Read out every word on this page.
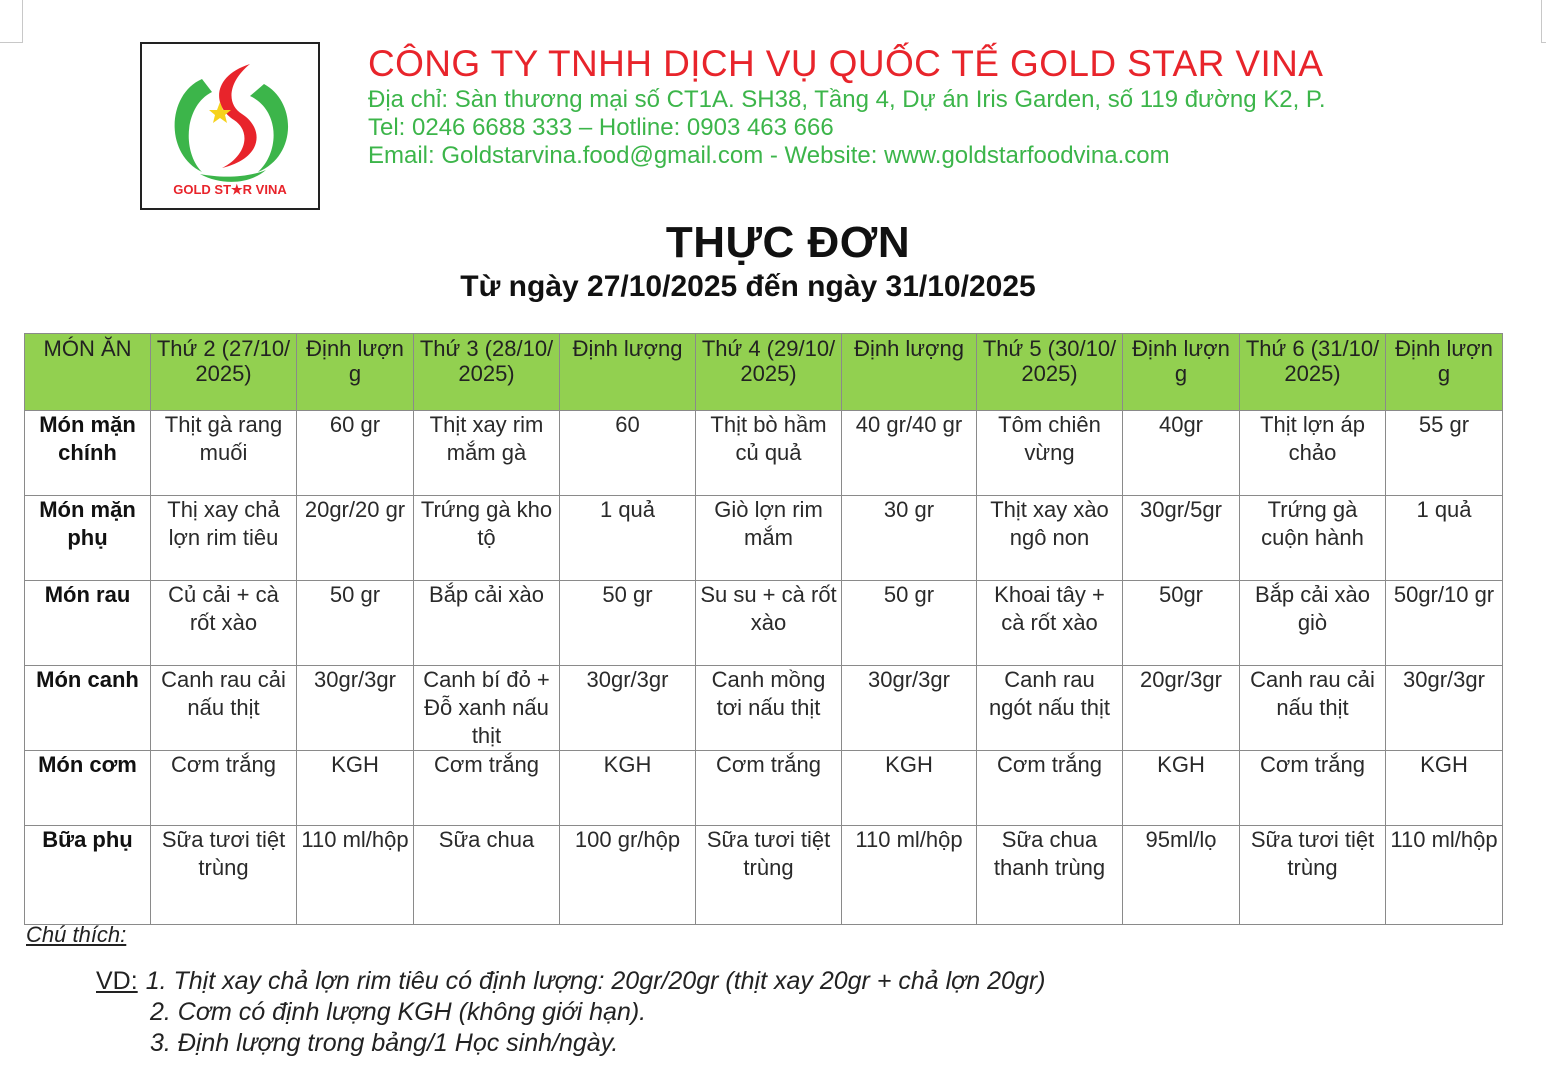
GOLD ST★R VINA
CÔNG TY TNHH DỊCH VỤ QUỐC TẾ GOLD STAR VINA
Địa chỉ: Sàn thương mại số CT1A. SH38, Tầng 4, Dự án Iris Garden, số 119 đường K2, P.
Tel: 0246 6688 333 – Hotline: 0903 463 666
Email: Goldstarvina.food@gmail.com - Website: www.goldstarfoodvina.com
THỰC ĐƠN
Từ ngày 27/10/2025 đến ngày 31/10/2025
MÓN ĂN	Thứ 2 (27/10/2025)	Định lượng	Thứ 3 (28/10/2025)	Định lượng	Thứ 4 (29/10/2025)	Định lượng	Thứ 5 (30/10/2025)	Định lượng	Thứ 6 (31/10/2025)	Định lượng
Món mặn chính	Thịt gà rang muối	60 gr	Thịt xay rim mắm gà	60	Thịt bò hầm củ quả	40 gr/40 gr	Tôm chiên vừng	40gr	Thịt lợn áp chảo	55 gr
Món mặn phụ	Thị xay chả lợn rim tiêu	20gr/20 gr	Trứng gà kho tộ	1 quả	Giò lợn rim mắm	30 gr	Thịt xay xào ngô non	30gr/5gr	Trứng gà cuộn hành	1 quả
Món rau	Củ cải + cà rốt xào	50 gr	Bắp cải xào	50 gr	Su su + cà rốt xào	50 gr	Khoai tây + cà rốt xào	50gr	Bắp cải xào giò	50gr/10 gr
Món canh	Canh rau cải nấu thịt	30gr/3gr	Canh bí đỏ + Đỗ xanh nấu thịt	30gr/3gr	Canh mồng tơi nấu thịt	30gr/3gr	Canh rau ngót nấu thịt	20gr/3gr	Canh rau cải nấu thịt	30gr/3gr
Món cơm	Cơm trắng	KGH	Cơm trắng	KGH	Cơm trắng	KGH	Cơm trắng	KGH	Cơm trắng	KGH
Bữa phụ	Sữa tươi tiệt trùng	110 ml/hộp	Sữa chua	100 gr/hộp	Sữa tươi tiệt trùng	110 ml/hộp	Sữa chua thanh trùng	95ml/lọ	Sữa tươi tiệt trùng	110 ml/hộp
Chú thích:
VD: 1. Thịt xay chả lợn rim tiêu có định lượng: 20gr/20gr (thịt xay 20gr + chả lợn 20gr)
2. Cơm có định lượng KGH (không giới hạn).
3. Định lượng trong bảng/1 Học sinh/ngày.
